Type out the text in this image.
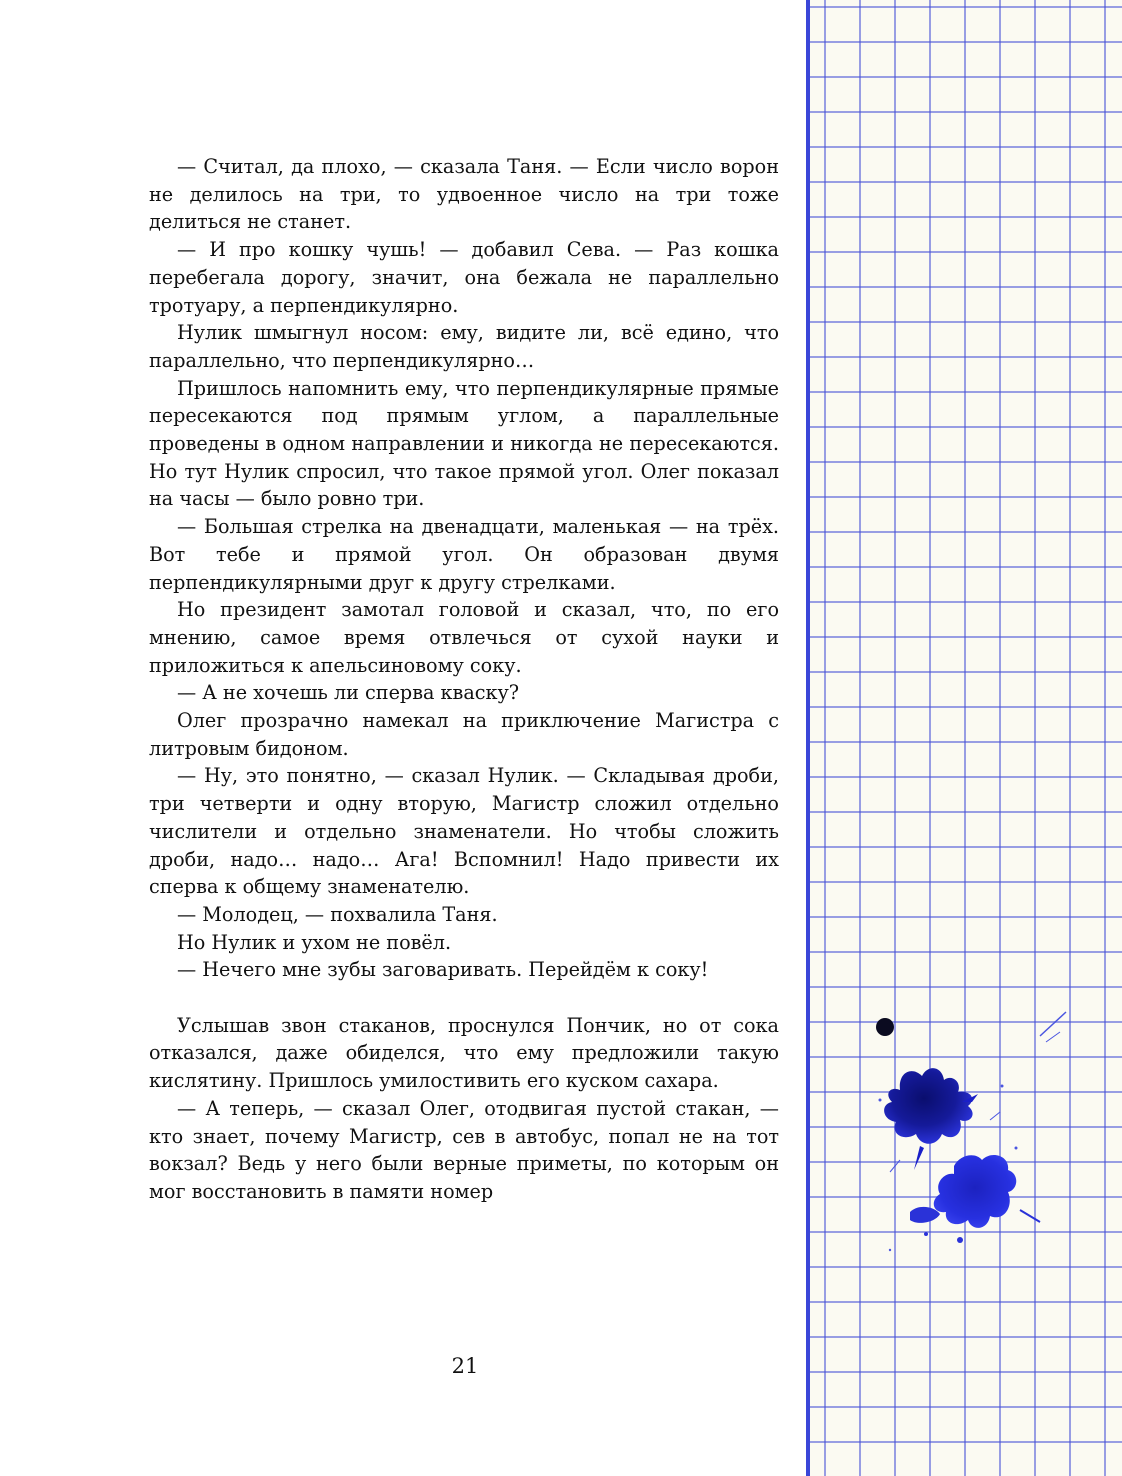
— Считал, да плохо, — сказала Таня. — Если число ворон не делилось на три, то удвоенное число на три тоже делиться не станет.

— И про кошку чушь! — добавил Сева. — Раз кошка перебегала дорогу, значит, она бежала не параллельно тротуару, а перпендикулярно.

Нулик шмыгнул носом: ему, видите ли, всё едино, что параллельно, что перпендикулярно…

Пришлось напомнить ему, что перпендикулярные прямые пересекаются под прямым углом, а параллельные проведены в одном направлении и никогда не пересекаются. Но тут Нулик спросил, что такое прямой угол. Олег показал на часы — было ровно три.

— Большая стрелка на двенадцати, маленькая — на трёх. Вот тебе и прямой угол. Он образован двумя перпендикулярными друг к другу стрелками.

Но президент замотал головой и сказал, что, по его мнению, самое время отвлечься от сухой науки и приложиться к апельсиновому соку.

— А не хочешь ли сперва кваску?

Олег прозрачно намекал на приключение Магистра с литровым бидоном.

— Ну, это понятно, — сказал Нулик. — Складывая дроби, три четверти и одну вторую, Магистр сложил отдельно числители и отдельно знаменатели. Но чтобы сложить дроби, надо… надо… Ага! Вспомнил! Надо привести их сперва к общему знаменателю.

— Молодец, — похвалила Таня.

Но Нулик и ухом не повёл.

— Нечего мне зубы заговаривать. Перейдём к соку!

Услышав звон стаканов, проснулся Пончик, но от сока отказался, даже обиделся, что ему предложили такую кислятину. Пришлось умилостивить его куском сахара.

— А теперь, — сказал Олег, отодвигая пустой стакан, — кто знает, почему Магистр, сев в автобус, попал не на тот вокзал? Ведь у него были верные приметы, по которым он мог восстановить в памяти номер

21
